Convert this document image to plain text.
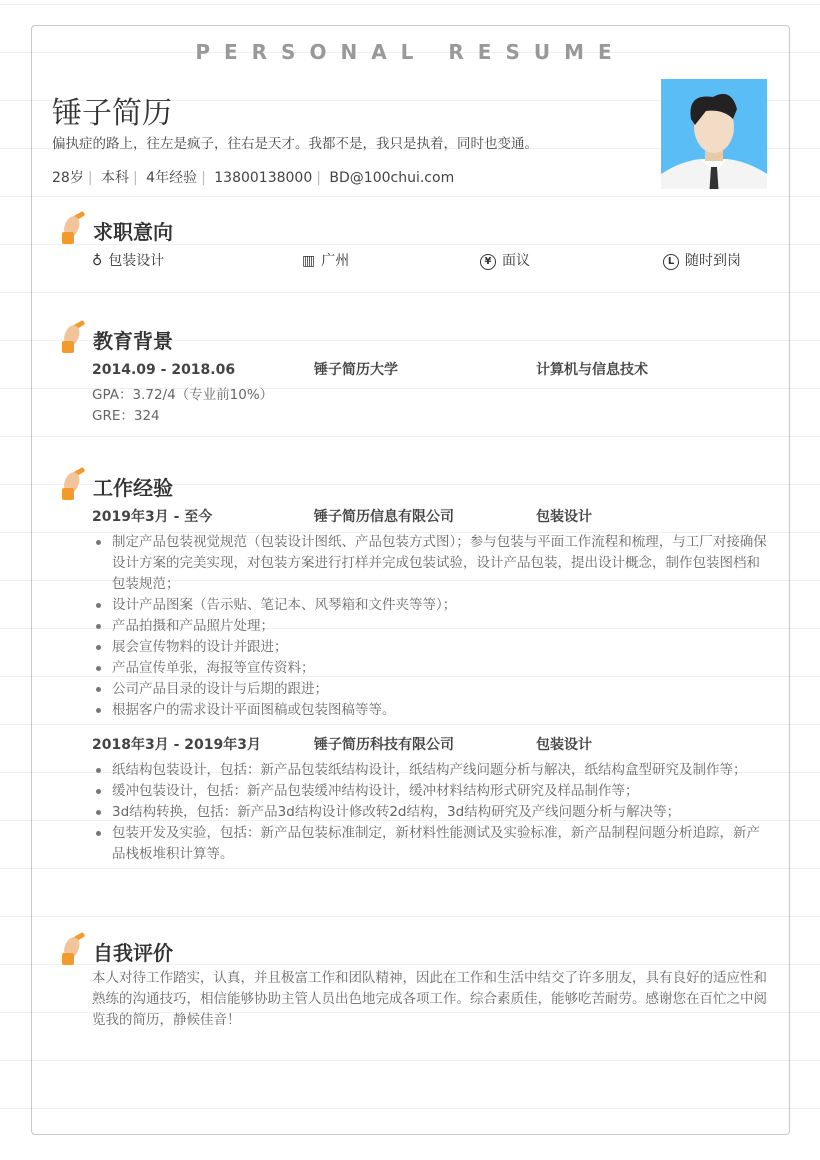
PERSONAL RESUME
锤子简历
偏执症的路上，往左是疯子，往右是天才。我都不是，我只是执着，同时也变通。
28岁 | 本科 | 4年经验 | 13800138000 | BD@100chui.com
求职意向
♁ 包装设计	▥ 广州	¥ 面议	L 随时到岗
教育背景
2014.09 - 2018.06	锤子简历大学	计算机与信息技术
GPA：3.72/4（专业前10%）
GRE：324
工作经验
2019年3月 - 至今	锤子简历信息有限公司	包装设计
制定产品包装视觉规范（包装设计图纸、产品包装方式图）；参与包装与平面工作流程和梳理，与工厂对接确保设计方案的完美实现，对包装方案进行打样并完成包装试验，设计产品包装，提出设计概念，制作包装图档和包装规范；
设计产品图案（告示贴、笔记本、风琴箱和文件夹等等）；
产品拍摄和产品照片处理；
展会宣传物料的设计并跟进；
产品宣传单张，海报等宣传资料；
公司产品目录的设计与后期的跟进；
根据客户的需求设计平面图稿或包装图稿等等。
2018年3月 - 2019年3月	锤子简历科技有限公司	包装设计
纸结构包装设计，包括：新产品包装纸结构设计，纸结构产线问题分析与解决，纸结构盒型研究及制作等；
缓冲包装设计，包括：新产品包装缓冲结构设计，缓冲材料结构形式研究及样品制作等；
3d结构转换，包括：新产品3d结构设计修改转2d结构，3d结构研究及产线问题分析与解决等；
包装开发及实验，包括：新产品包装标准制定，新材料性能测试及实验标准，新产品制程问题分析追踪，新产品栈板堆积计算等。
自我评价
本人对待工作踏实，认真，并且极富工作和团队精神，因此在工作和生活中结交了许多朋友，具有良好的适应性和熟练的沟通技巧，相信能够协助主管人员出色地完成各项工作。综合素质佳，能够吃苦耐劳。感谢您在百忙之中阅览我的简历，静候佳音！
